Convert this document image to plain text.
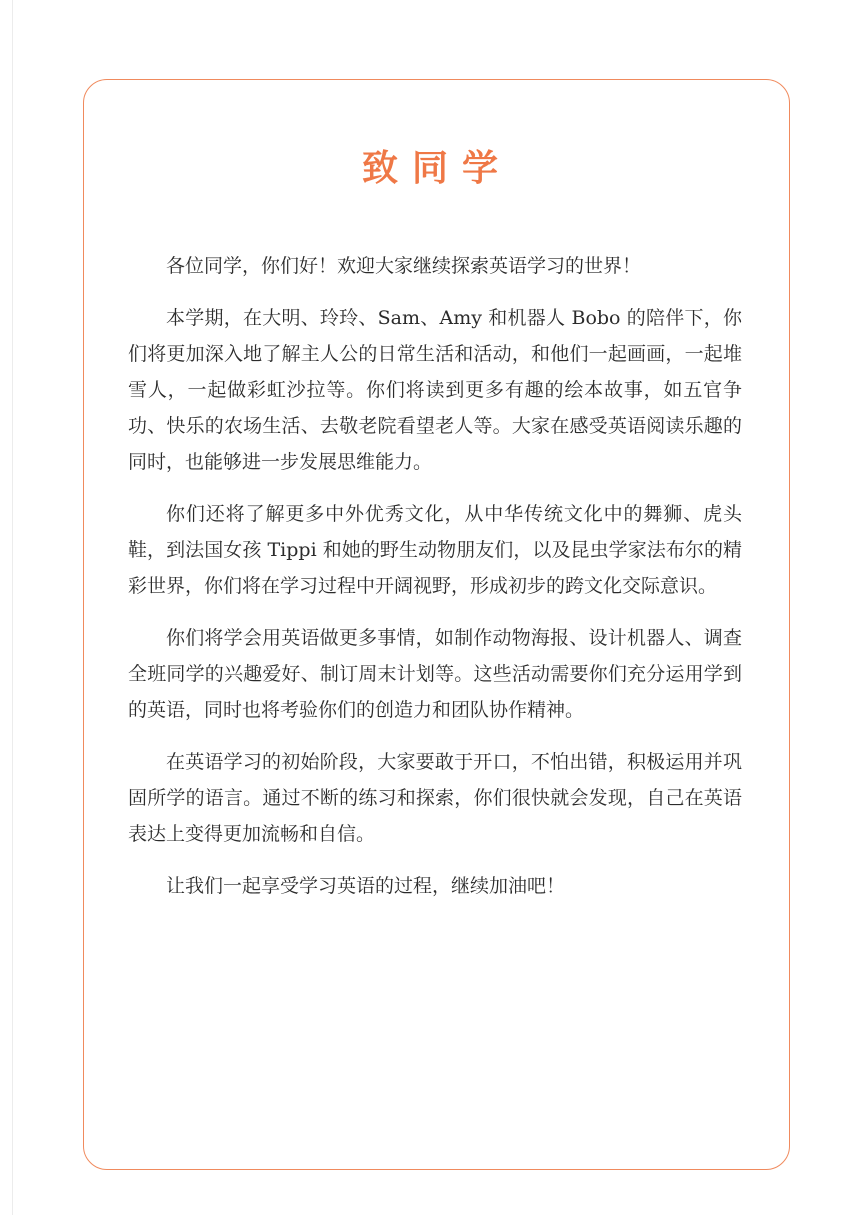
致同学

各位同学，你们好！欢迎大家继续探索英语学习的世界！

本学期，在大明、玲玲、Sam、Amy 和机器人 Bobo 的陪伴下，你们将更加深入地了解主人公的日常生活和活动，和他们一起画画，一起堆雪人，一起做彩虹沙拉等。你们将读到更多有趣的绘本故事，如五官争功、快乐的农场生活、去敬老院看望老人等。大家在感受英语阅读乐趣的同时，也能够进一步发展思维能力。

你们还将了解更多中外优秀文化，从中华传统文化中的舞狮、虎头鞋，到法国女孩 Tippi 和她的野生动物朋友们，以及昆虫学家法布尔的精彩世界，你们将在学习过程中开阔视野，形成初步的跨文化交际意识。

你们将学会用英语做更多事情，如制作动物海报、设计机器人、调查全班同学的兴趣爱好、制订周末计划等。这些活动需要你们充分运用学到的英语，同时也将考验你们的创造力和团队协作精神。

在英语学习的初始阶段，大家要敢于开口，不怕出错，积极运用并巩固所学的语言。通过不断的练习和探索，你们很快就会发现，自己在英语表达上变得更加流畅和自信。

让我们一起享受学习英语的过程，继续加油吧！
